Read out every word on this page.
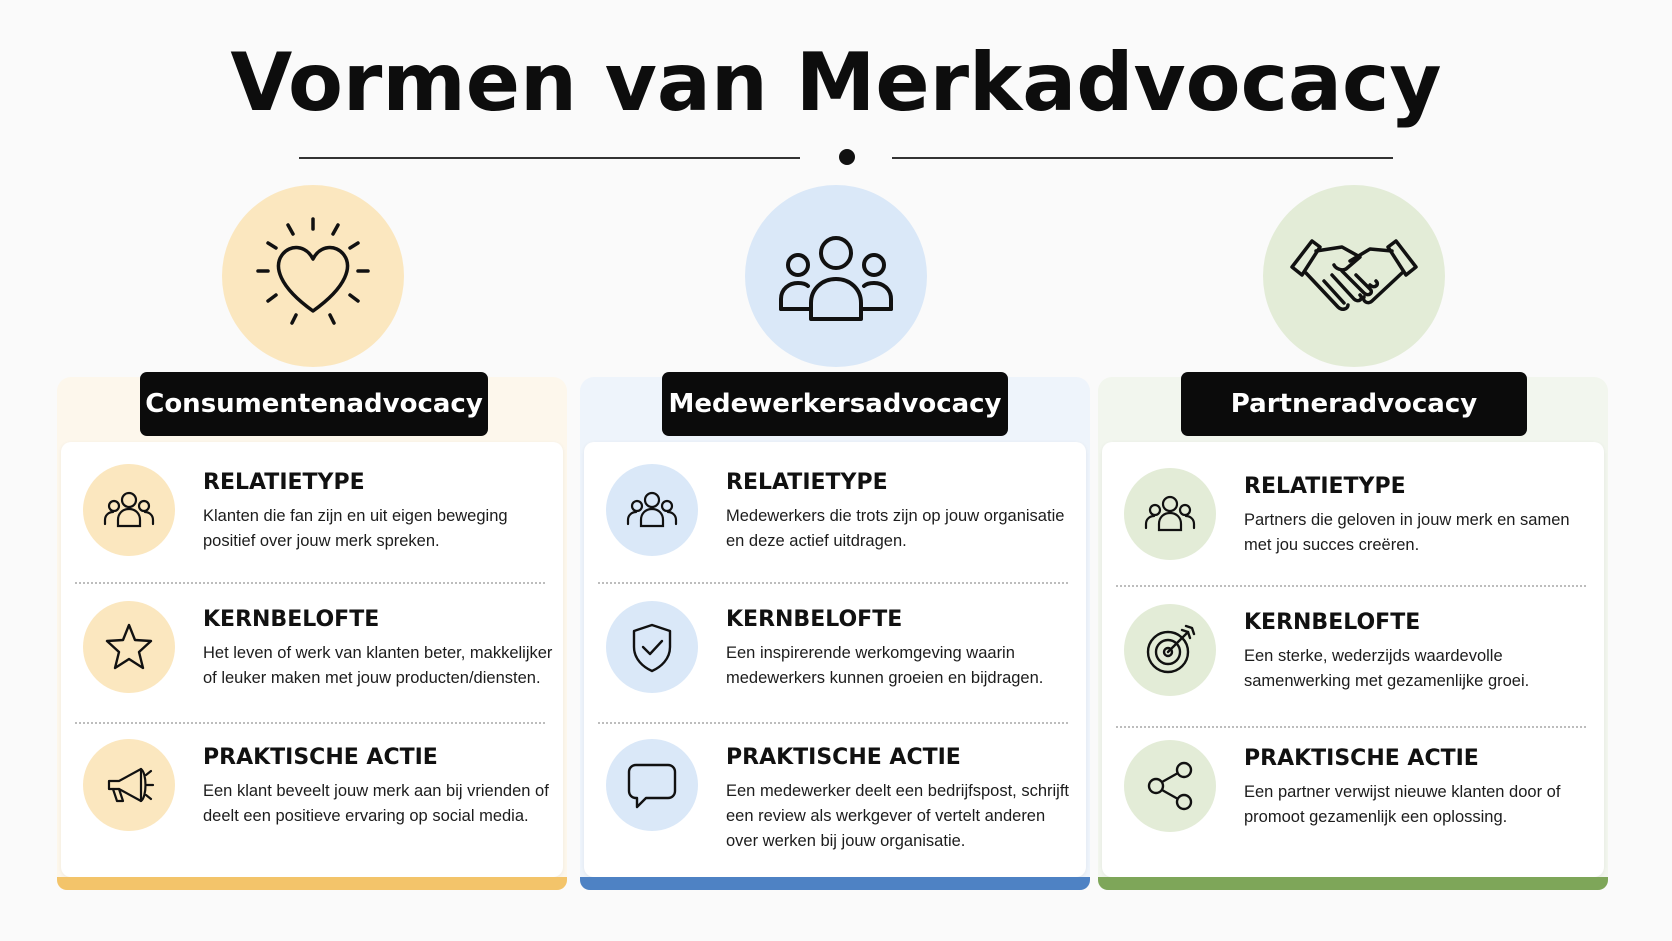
Vormen van Merkadvocacy
Consumentenadvocacy
RELATIETYPE
Klanten die fan zijn en uit eigen beweging positief over jouw merk spreken.
KERNBELOFTE
Het leven of werk van klanten beter, makkelijker of leuker maken met jouw producten/diensten.
PRAKTISCHE ACTIE
Een klant beveelt jouw merk aan bij vrienden of deelt een positieve ervaring op social media.
Medewerkersadvocacy
RELATIETYPE
Medewerkers die trots zijn op jouw organisatie en deze actief uitdragen.
KERNBELOFTE
Een inspirerende werkomgeving waarin medewerkers kunnen groeien en bijdragen.
PRAKTISCHE ACTIE
Een medewerker deelt een bedrijfspost, schrijft een review als werkgever of vertelt anderen over werken bij jouw organisatie.
Partneradvocacy
RELATIETYPE
Partners die geloven in jouw merk en samen met jou succes creëren.
KERNBELOFTE
Een sterke, wederzijds waardevolle samenwerking met gezamenlijke groei.
PRAKTISCHE ACTIE
Een partner verwijst nieuwe klanten door of promoot gezamenlijk een oplossing.
